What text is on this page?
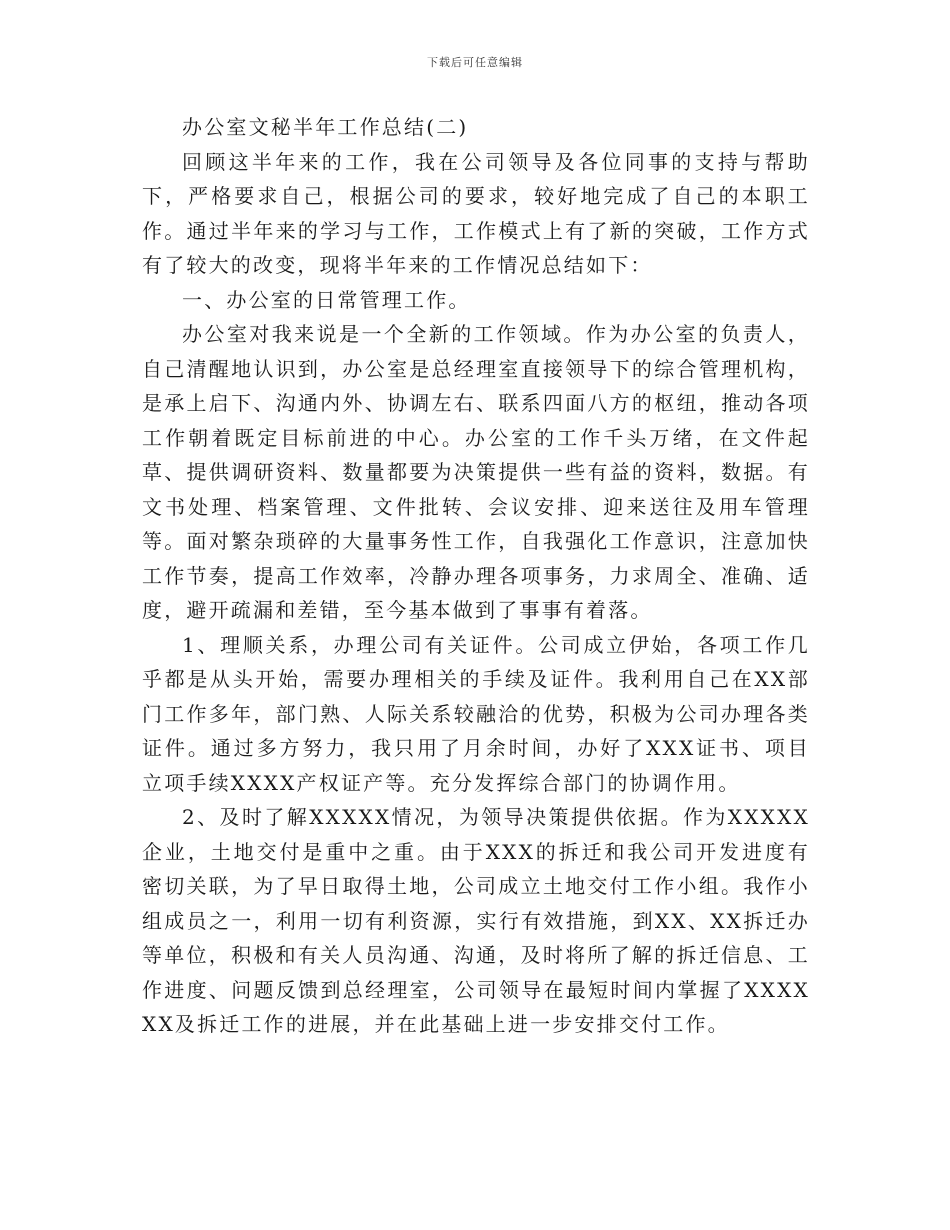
下载后可任意编辑

办公室文秘半年工作总结(二)

回顾这半年来的工作，我在公司领导及各位同事的支持与帮助下，严格要求自己，根据公司的要求，较好地完成了自己的本职工作。通过半年来的学习与工作，工作模式上有了新的突破，工作方式有了较大的改变，现将半年来的工作情况总结如下：

一、办公室的日常管理工作。

办公室对我来说是一个全新的工作领域。作为办公室的负责人，自己清醒地认识到，办公室是总经理室直接领导下的综合管理机构，是承上启下、沟通内外、协调左右、联系四面八方的枢纽，推动各项工作朝着既定目标前进的中心。办公室的工作千头万绪，在文件起草、提供调研资料、数量都要为决策提供一些有益的资料，数据。有文书处理、档案管理、文件批转、会议安排、迎来送往及用车管理等。面对繁杂琐碎的大量事务性工作，自我强化工作意识，注意加快工作节奏，提高工作效率，冷静办理各项事务，力求周全、准确、适度，避开疏漏和差错，至今基本做到了事事有着落。

1、理顺关系，办理公司有关证件。公司成立伊始，各项工作几乎都是从头开始，需要办理相关的手续及证件。我利用自己在XX部门工作多年，部门熟、人际关系较融洽的优势，积极为公司办理各类证件。通过多方努力，我只用了月余时间，办好了XXX证书、项目立项手续XXXX产权证产等。充分发挥综合部门的协调作用。

2、及时了解XXXXX情况，为领导决策提供依据。作为XXXXX企业，土地交付是重中之重。由于XXX的拆迁和我公司开发进度有密切关联，为了早日取得土地，公司成立土地交付工作小组。我作小组成员之一，利用一切有利资源，实行有效措施，到XX、XX拆迁办等单位，积极和有关人员沟通、沟通，及时将所了解的拆迁信息、工作进度、问题反馈到总经理室，公司领导在最短时间内掌握了XXXXXX及拆迁工作的进展，并在此基础上进一步安排交付工作。
